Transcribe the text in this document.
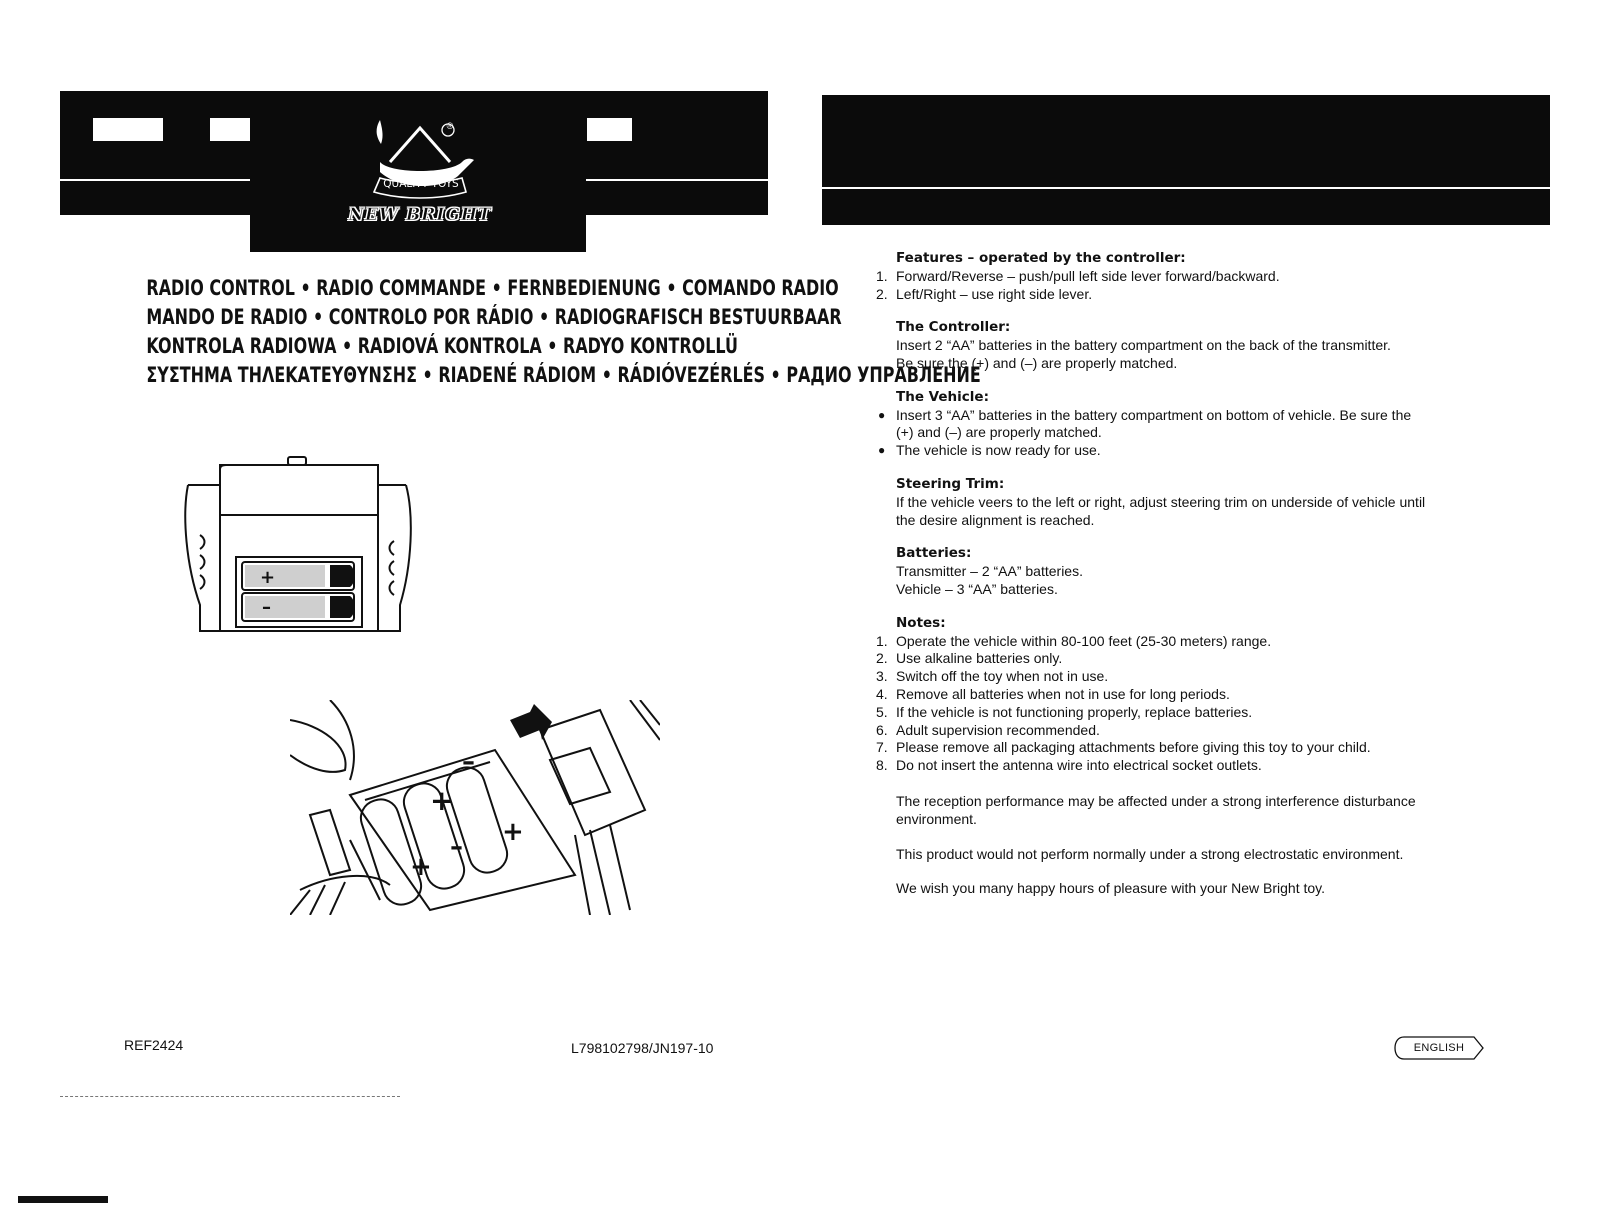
®
QUALITY TOYS
NEW BRIGHT
RADIO CONTROL • RADIO COMMANDE • FERNBEDIENUNG • COMANDO RADIO
MANDO DE RADIO • CONTROLO POR RÁDIO • RADIOGRAFISCH BESTUURBAAR
KONTROLA RADIOWA • RADIOVÁ KONTROLA • RADYO KONTROLLÜ
ΣΥΣΤΗΜΑ ΤΗΛΕΚΑΤΕΥΘΥΝΣΗΣ • RIADENÉ RÁDIOM • RÁDIÓVEZÉRLÉS • РАДИО УПРАВЛЕНИЕ
+
–
+
+
+
–
–
Features – operated by the controller:
1. Forward/Reverse – push/pull left side lever forward/backward.
2. Left/Right – use right side lever.
The Controller:
Insert 2 “AA” batteries in the battery compartment on the back of the transmitter.
Be sure the (+) and (–) are properly matched.
The Vehicle:
● Insert 3 “AA” batteries in the battery compartment on bottom of vehicle. Be sure the
(+) and (–) are properly matched.
● The vehicle is now ready for use.
Steering Trim:
If the vehicle veers to the left or right, adjust steering trim on underside of vehicle until
the desire alignment is reached.
Batteries:
Transmitter – 2 “AA” batteries.
Vehicle – 3 “AA” batteries.
Notes:
1. Operate the vehicle within 80-100 feet (25-30 meters) range.
2. Use alkaline batteries only.
3. Switch off the toy when not in use.
4. Remove all batteries when not in use for long periods.
5. If the vehicle is not functioning properly, replace batteries.
6. Adult supervision recommended.
7. Please remove all packaging attachments before giving this toy to your child.
8. Do not insert the antenna wire into electrical socket outlets.
The reception performance may be affected under a strong interference disturbance
environment.
This product would not perform normally under a strong electrostatic environment.
We wish you many happy hours of pleasure with your New Bright toy.
REF2424	L798102798/JN197-10	ENGLISH
